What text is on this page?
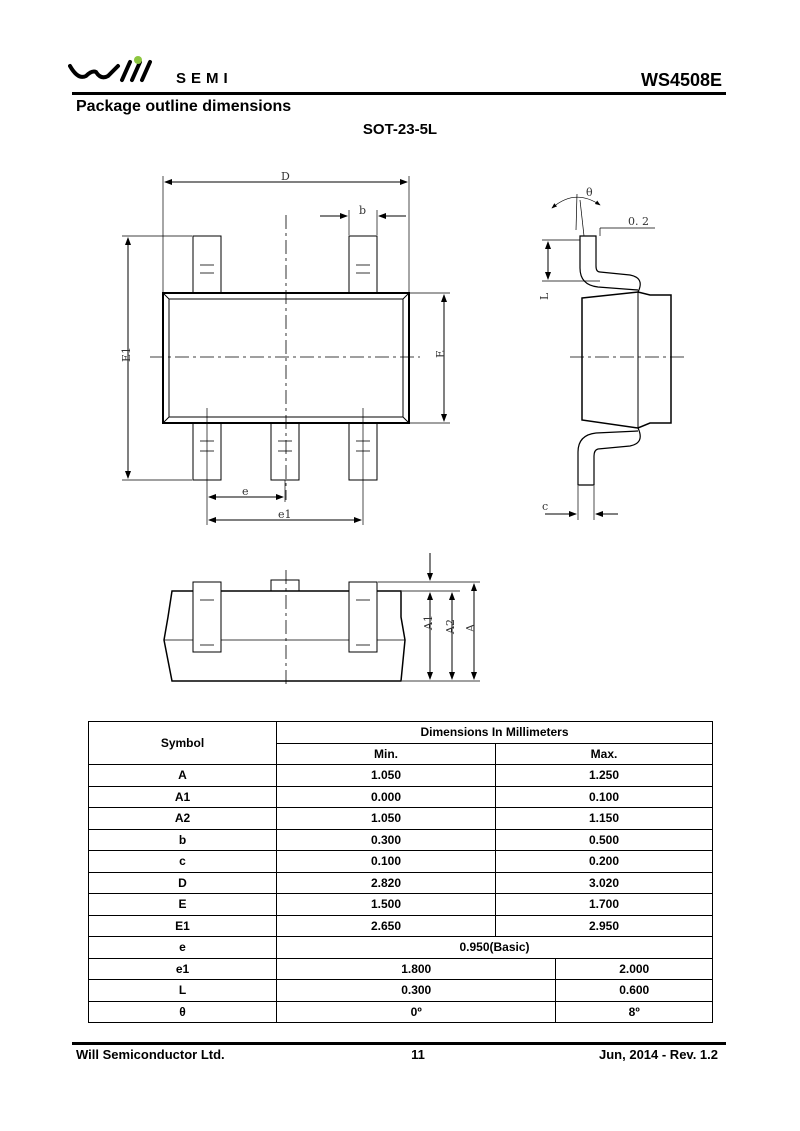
SEMI	WS4508E
Package outline dimensions
SOT-23-5L
D
b
E1	E
e
e1
θ
0. 2
L
c
A1 A2 A
Symbol	Dimensions In Millimeters		
	Min.	Max.	
A	1.050	1.250	
A1	0.000	0.100	
A2	1.050	1.150	
b	0.300	0.500	
c	0.100	0.200	
D	2.820	3.020	
E	1.500	1.700	
E1	2.650	2.950	
e	0.950(Basic)		
e1	1.800		2.000
L	0.300		0.600
θ	0º		8º
Will Semiconductor Ltd.	11	Jun, 2014 - Rev. 1.2
